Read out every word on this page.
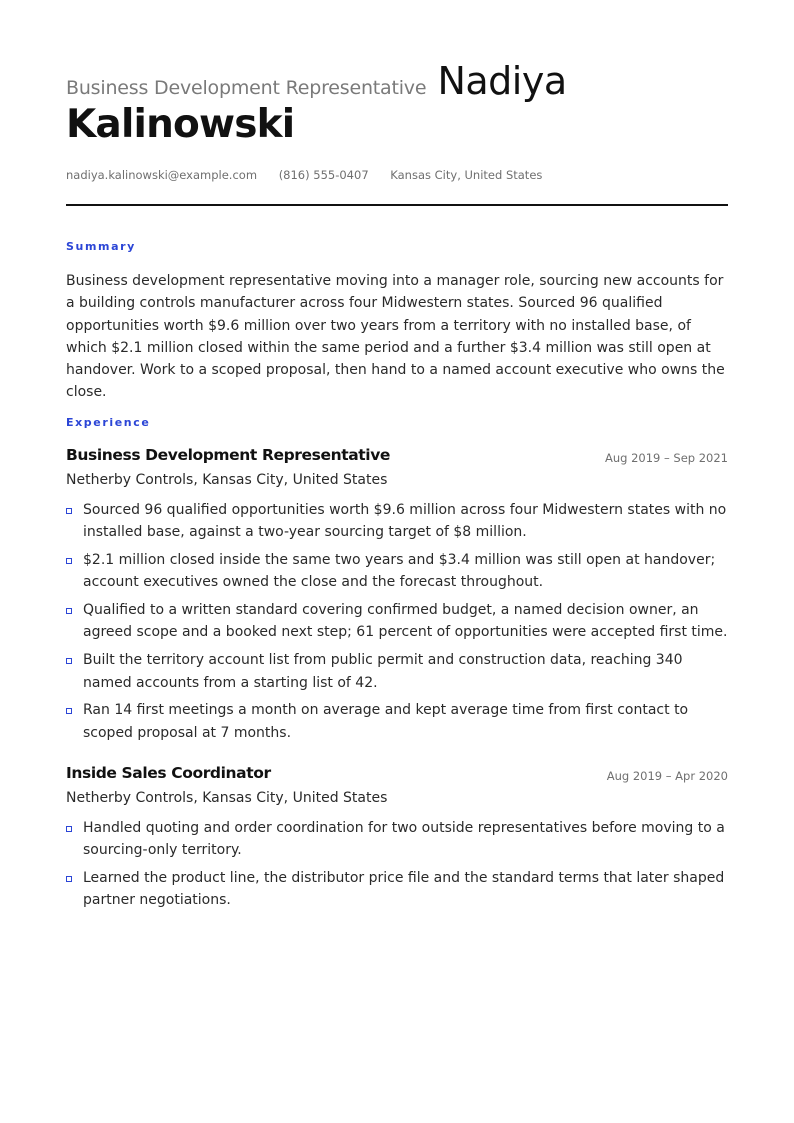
Business Development Representative Nadiya
Kalinowski
nadiya.kalinowski@example.com (816) 555-0407 Kansas City, United States
Summary

Business development representative moving into a manager role, sourcing new accounts for a building controls manufacturer across four Midwestern states. Sourced 96 qualified opportunities worth $9.6 million over two years from a territory with no installed base, of which $2.1 million closed within the same period and a further $3.4 million was still open at handover. Work to a scoped proposal, then hand to a named account executive who owns the close.

Experience
Business Development Representative	Aug 2019 – Sep 2021
Netherby Controls, Kansas City, United States
Sourced 96 qualified opportunities worth $9.6 million across four Midwestern states with no installed base, against a two-year sourcing target of $8 million.
$2.1 million closed inside the same two years and $3.4 million was still open at handover; account executives owned the close and the forecast throughout.
Qualified to a written standard covering confirmed budget, a named decision owner, an agreed scope and a booked next step; 61 percent of opportunities were accepted first time.
Built the territory account list from public permit and construction data, reaching 340 named accounts from a starting list of 42.
Ran 14 first meetings a month on average and kept average time from first contact to scoped proposal at 7 months.
Inside Sales Coordinator	Aug 2019 – Apr 2020
Netherby Controls, Kansas City, United States
Handled quoting and order coordination for two outside representatives before moving to a sourcing-only territory.
Learned the product line, the distributor price file and the standard terms that later shaped partner negotiations.
